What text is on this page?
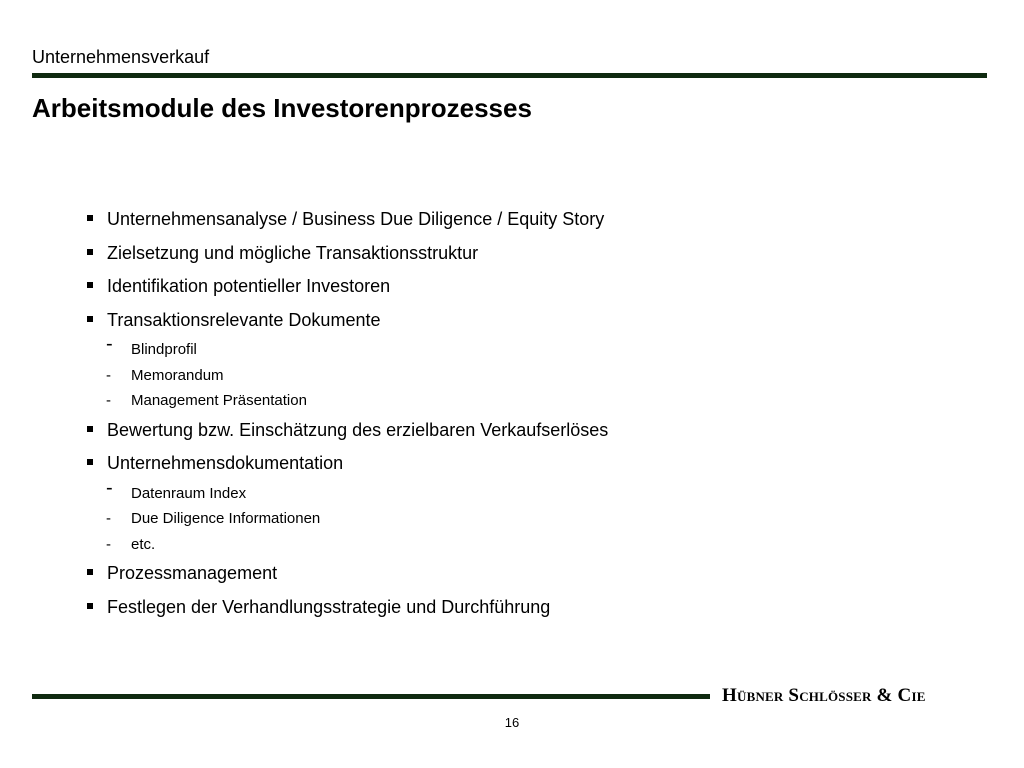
Unternehmensverkauf
Arbeitsmodule des Investorenprozesses
Unternehmensanalyse / Business Due Diligence / Equity Story
Zielsetzung und mögliche Transaktionsstruktur
Identifikation potentieller Investoren
Transaktionsrelevante Dokumente
- Blindprofil
- Memorandum
- Management Präsentation
Bewertung bzw. Einschätzung des erzielbaren Verkaufserlöses
Unternehmensdokumentation
- Datenraum Index
- Due Diligence Informationen
- etc.
Prozessmanagement
Festlegen der Verhandlungsstrategie und Durchführung
Hübner Schlösser & Cie
16
